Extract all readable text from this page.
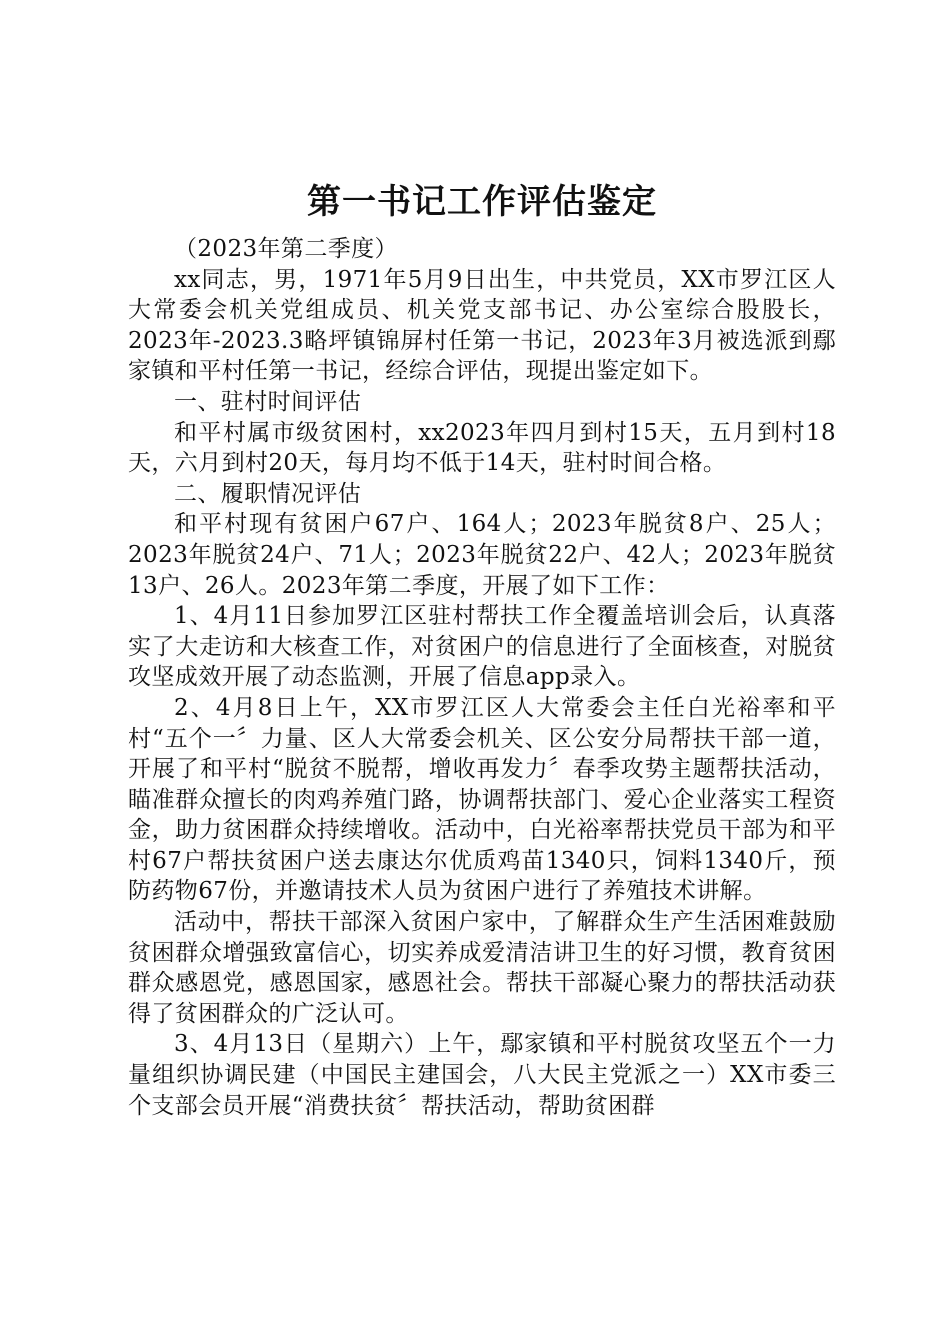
第一书记工作评估鉴定

（2023年第二季度）

xx同志，男，1971年5月9日出生，中共党员，XX市罗江区人大常委会机关党组成员、机关党支部书记、办公室综合股股长，2023年-2023.3略坪镇锦屏村任第一书记，2023年3月被选派到鄢家镇和平村任第一书记，经综合评估，现提出鉴定如下。

一、驻村时间评估

和平村属市级贫困村，xx2023年四月到村15天，五月到村18天，六月到村20天，每月均不低于14天，驻村时间合格。

二、履职情况评估

和平村现有贫困户67户、164人；2023年脱贫8户、25人；2023年脱贫24户、71人；2023年脱贫22户、42人；2023年脱贫13户、26人。2023年第二季度，开展了如下工作：

1、4月11日参加罗江区驻村帮扶工作全覆盖培训会后，认真落实了大走访和大核查工作，对贫困户的信息进行了全面核查，对脱贫攻坚成效开展了动态监测，开展了信息app录入。

2、4月8日上午，XX市罗江区人大常委会主任白光裕率和平村“五个一〞力量、区人大常委会机关、区公安分局帮扶干部一道，开展了和平村“脱贫不脱帮，增收再发力〞春季攻势主题帮扶活动，瞄准群众擅长的肉鸡养殖门路，协调帮扶部门、爱心企业落实工程资金，助力贫困群众持续增收。活动中，白光裕率帮扶党员干部为和平村67户帮扶贫困户送去康达尔优质鸡苗1340只，饲料1340斤，预防药物67份，并邀请技术人员为贫困户进行了养殖技术讲解。

活动中，帮扶干部深入贫困户家中，了解群众生产生活困难鼓励贫困群众增强致富信心，切实养成爱清洁讲卫生的好习惯，教育贫困群众感恩党，感恩国家，感恩社会。帮扶干部凝心聚力的帮扶活动获得了贫困群众的广泛认可。

3、4月13日（星期六）上午，鄢家镇和平村脱贫攻坚五个一力量组织协调民建（中国民主建国会，八大民主党派之一）XX市委三个支部会员开展“消费扶贫〞帮扶活动，帮助贫困群
